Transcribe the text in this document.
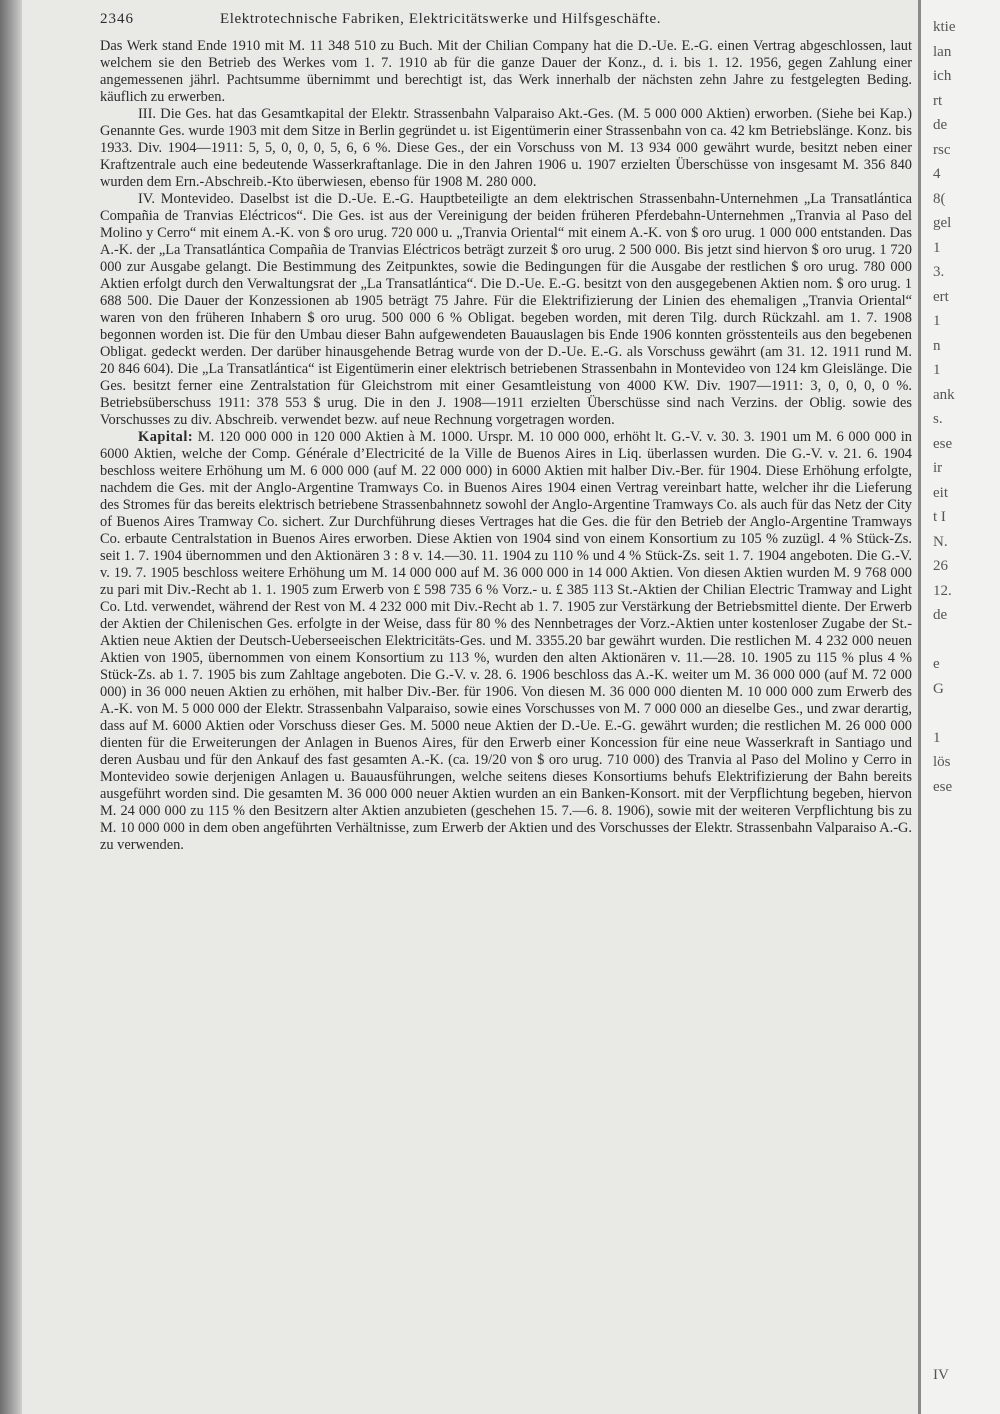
2346	Elektrotechnische Fabriken, Elektricitätswerke und Hilfsgeschäfte.

Das Werk stand Ende 1910 mit M. 11 348 510 zu Buch. Mit der Chilian Company hat die D.-Ue. E.-G. einen Vertrag abgeschlossen, laut welchem sie den Betrieb des Werkes vom 1. 7. 1910 ab für die ganze Dauer der Konz., d. i. bis 1. 12. 1956, gegen Zahlung einer angemessenen jährl. Pachtsumme übernimmt und berechtigt ist, das Werk innerhalb der nächsten zehn Jahre zu festgelegten Beding. käuflich zu erwerben.

III. Die Ges. hat das Gesamtkapital der Elektr. Strassenbahn Valparaiso Akt.-Ges. (M. 5 000 000 Aktien) erworben. (Siehe bei Kap.) Genannte Ges. wurde 1903 mit dem Sitze in Berlin gegründet u. ist Eigentümerin einer Strassenbahn von ca. 42 km Betriebslänge. Konz. bis 1933. Div. 1904—1911: 5, 5, 0, 0, 0, 5, 6, 6 %. Diese Ges., der ein Vorschuss von M. 13 934 000 gewährt wurde, besitzt neben einer Kraftzentrale auch eine bedeutende Wasserkraftanlage. Die in den Jahren 1906 u. 1907 erzielten Überschüsse von insgesamt M. 356 840 wurden dem Ern.-Abschreib.-Kto überwiesen, ebenso für 1908 M. 280 000.

IV. Montevideo. Daselbst ist die D.-Ue. E.-G. Hauptbeteiligte an dem elektrischen Strassenbahn-Unternehmen „La Transatlántica Compañia de Tranvias Eléctricos“. Die Ges. ist aus der Vereinigung der beiden früheren Pferdebahn-Unternehmen „Tranvia al Paso del Molino y Cerro“ mit einem A.-K. von $ oro urug. 720 000 u. „Tranvia Oriental“ mit einem A.-K. von $ oro urug. 1 000 000 entstanden. Das A.-K. der „La Transatlántica Compañia de Tranvias Eléctricos beträgt zurzeit $ oro urug. 2 500 000. Bis jetzt sind hiervon $ oro urug. 1 720 000 zur Ausgabe gelangt. Die Bestimmung des Zeitpunktes, sowie die Bedingungen für die Ausgabe der restlichen $ oro urug. 780 000 Aktien erfolgt durch den Verwaltungsrat der „La Transatlántica“. Die D.-Ue. E.-G. besitzt von den ausgegebenen Aktien nom. $ oro urug. 1 688 500. Die Dauer der Konzessionen ab 1905 beträgt 75 Jahre. Für die Elektrifizierung der Linien des ehemaligen „Tranvia Oriental“ waren von den früheren Inhabern $ oro urug. 500 000 6 % Obligat. begeben worden, mit deren Tilg. durch Rückzahl. am 1. 7. 1908 begonnen worden ist. Die für den Umbau dieser Bahn aufgewendeten Bauauslagen bis Ende 1906 konnten grösstenteils aus den begebenen Obligat. gedeckt werden. Der darüber hinausgehende Betrag wurde von der D.-Ue. E.-G. als Vorschuss gewährt (am 31. 12. 1911 rund M. 20 846 604). Die „La Transatlántica“ ist Eigentümerin einer elektrisch betriebenen Strassenbahn in Montevideo von 124 km Gleislänge. Die Ges. besitzt ferner eine Zentralstation für Gleichstrom mit einer Gesamtleistung von 4000 KW. Div. 1907—1911: 3, 0, 0, 0, 0 %. Betriebsüberschuss 1911: 378 553 $ urug. Die in den J. 1908—1911 erzielten Überschüsse sind nach Verzins. der Oblig. sowie des Vorschusses zu div. Abschreib. verwendet bezw. auf neue Rechnung vorgetragen worden.

Kapital: M. 120 000 000 in 120 000 Aktien à M. 1000. Urspr. M. 10 000 000, erhöht lt. G.-V. v. 30. 3. 1901 um M. 6 000 000 in 6000 Aktien, welche der Comp. Générale d’Electricité de la Ville de Buenos Aires in Liq. überlassen wurden. Die G.-V. v. 21. 6. 1904 beschloss weitere Erhöhung um M. 6 000 000 (auf M. 22 000 000) in 6000 Aktien mit halber Div.-Ber. für 1904. Diese Erhöhung erfolgte, nachdem die Ges. mit der Anglo-Argentine Tramways Co. in Buenos Aires 1904 einen Vertrag vereinbart hatte, welcher ihr die Lieferung des Stromes für das bereits elektrisch betriebene Strassenbahnnetz sowohl der Anglo-Argentine Tramways Co. als auch für das Netz der City of Buenos Aires Tramway Co. sichert. Zur Durchführung dieses Vertrages hat die Ges. die für den Betrieb der Anglo-Argentine Tramways Co. erbaute Centralstation in Buenos Aires erworben. Diese Aktien von 1904 sind von einem Konsortium zu 105 % zuzügl. 4 % Stück-Zs. seit 1. 7. 1904 übernommen und den Aktionären 3 : 8 v. 14.—30. 11. 1904 zu 110 % und 4 % Stück-Zs. seit 1. 7. 1904 angeboten. Die G.-V. v. 19. 7. 1905 beschloss weitere Erhöhung um M. 14 000 000 auf M. 36 000 000 in 14 000 Aktien. Von diesen Aktien wurden M. 9 768 000 zu pari mit Div.-Recht ab 1. 1. 1905 zum Erwerb von £ 598 735 6 % Vorz.- u. £ 385 113 St.-Aktien der Chilian Electric Tramway and Light Co. Ltd. verwendet, während der Rest von M. 4 232 000 mit Div.-Recht ab 1. 7. 1905 zur Verstärkung der Betriebsmittel diente. Der Erwerb der Aktien der Chilenischen Ges. erfolgte in der Weise, dass für 80 % des Nennbetrages der Vorz.-Aktien unter kostenloser Zugabe der St.-Aktien neue Aktien der Deutsch-Ueberseeischen Elektricitäts-Ges. und M. 3355.20 bar gewährt wurden. Die restlichen M. 4 232 000 neuen Aktien von 1905, übernommen von einem Konsortium zu 113 %, wurden den alten Aktionären v. 11.—28. 10. 1905 zu 115 % plus 4 % Stück-Zs. ab 1. 7. 1905 bis zum Zahltage angeboten. Die G.-V. v. 28. 6. 1906 beschloss das A.-K. weiter um M. 36 000 000 (auf M. 72 000 000) in 36 000 neuen Aktien zu erhöhen, mit halber Div.-Ber. für 1906. Von diesen M. 36 000 000 dienten M. 10 000 000 zum Erwerb des A.-K. von M. 5 000 000 der Elektr. Strassenbahn Valparaiso, sowie eines Vorschusses von M. 7 000 000 an dieselbe Ges., und zwar derartig, dass auf M. 6000 Aktien oder Vorschuss dieser Ges. M. 5000 neue Aktien der D.-Ue. E.-G. gewährt wurden; die restlichen M. 26 000 000 dienten für die Erweiterungen der Anlagen in Buenos Aires, für den Erwerb einer Koncession für eine neue Wasserkraft in Santiago und deren Ausbau und für den Ankauf des fast gesamten A.-K. (ca. 19/20 von $ oro urug. 710 000) des Tranvia al Paso del Molino y Cerro in Montevideo sowie derjenigen Anlagen u. Bauausführungen, welche seitens dieses Konsortiums behufs Elektrifizierung der Bahn bereits ausgeführt worden sind. Die gesamten M. 36 000 000 neuer Aktien wurden an ein Banken-Konsort. mit der Verpflichtung begeben, hiervon M. 24 000 000 zu 115 % den Besitzern alter Aktien anzubieten (geschehen 15. 7.—6. 8. 1906), sowie mit der weiteren Verpflichtung bis zu M. 10 000 000 in dem oben angeführten Verhältnisse, zum Erwerb der Aktien und des Vorschusses der Elektr. Strassenbahn Valparaiso A.-G. zu verwenden.

ktie
lan
ich
rt
de
rsc
4
8(
gel
1
3.
ert
1
n
1
ank
s.
ese
ir
eit
t I
N.
26
12.
de
e
G
1
lös
ese
IV
